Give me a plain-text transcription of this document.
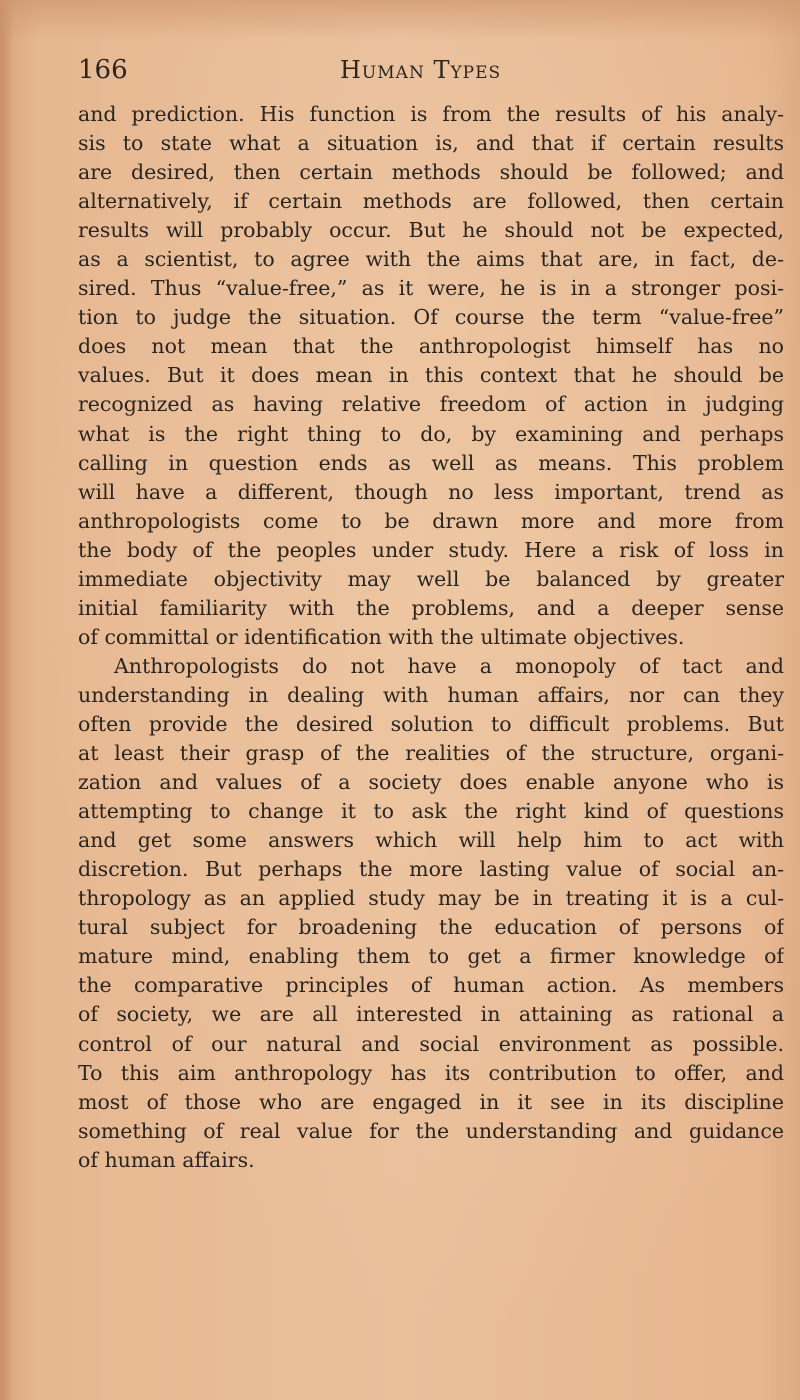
166	Human Types
and prediction. His function is from the results of his analy-
sis to state what a situation is, and that if certain results
are desired, then certain methods should be followed; and
alternatively, if certain methods are followed, then certain
results will probably occur. But he should not be expected,
as a scientist, to agree with the aims that are, in fact, de-
sired. Thus “value-free,” as it were, he is in a stronger posi-
tion to judge the situation. Of course the term “value-free”
does not mean that the anthropologist himself has no
values. But it does mean in this context that he should be
recognized as having relative freedom of action in judging
what is the right thing to do, by examining and perhaps
calling in question ends as well as means. This problem
will have a different, though no less important, trend as
anthropologists come to be drawn more and more from
the body of the peoples under study. Here a risk of loss in
immediate objectivity may well be balanced by greater
initial familiarity with the problems, and a deeper sense
of committal or identification with the ultimate objectives.
Anthropologists do not have a monopoly of tact and
understanding in dealing with human affairs, nor can they
often provide the desired solution to difficult problems. But
at least their grasp of the realities of the structure, organi-
zation and values of a society does enable anyone who is
attempting to change it to ask the right kind of questions
and get some answers which will help him to act with
discretion. But perhaps the more lasting value of social an-
thropology as an applied study may be in treating it is a cul-
tural subject for broadening the education of persons of
mature mind, enabling them to get a firmer knowledge of
the comparative principles of human action. As members
of society, we are all interested in attaining as rational a
control of our natural and social environment as possible.
To this aim anthropology has its contribution to offer, and
most of those who are engaged in it see in its discipline
something of real value for the understanding and guidance
of human affairs.
